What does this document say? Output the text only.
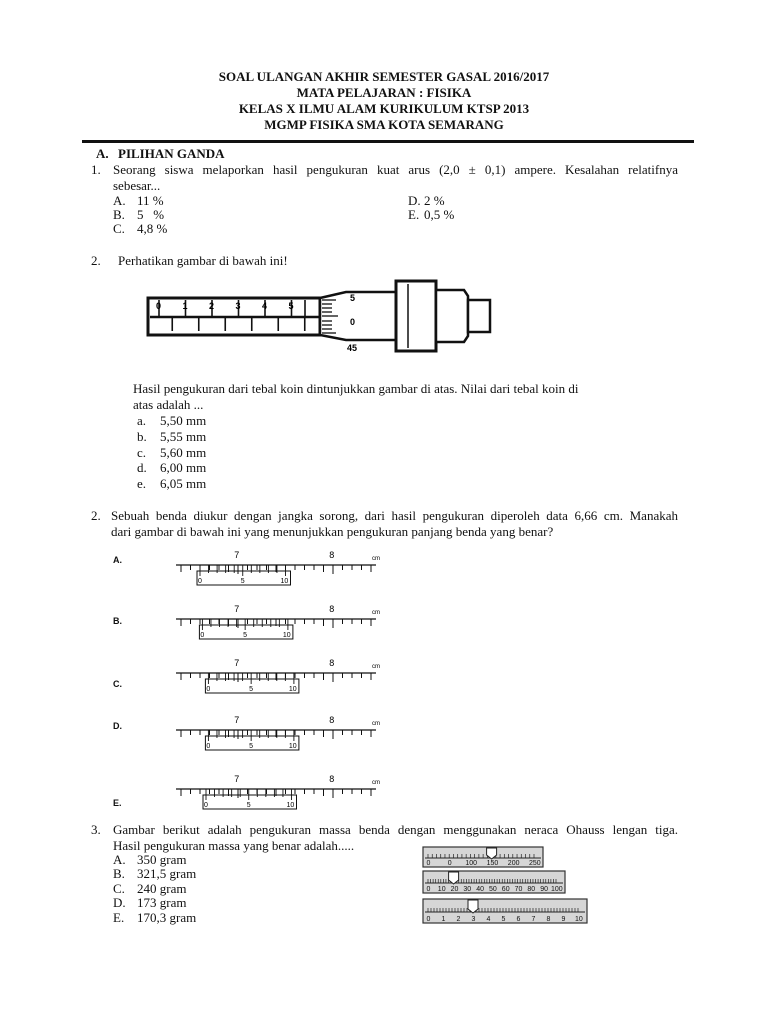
SOAL ULANGAN AKHIR SEMESTER GASAL 2016/2017
MATA PELAJARAN : FISIKA
KELAS X ILMU ALAM KURIKULUM KTSP 2013
MGMP FISIKA SMA KOTA SEMARANG
A. PILIHAN GANDA
1. Seorang siswa melaporkan hasil pengukuran kuat arus (2,0 ± 0,1) ampere. Kesalahan relatifnya
sebesar...
A. 11 %
B. 5   %
C. 4,8 %
D. 2 %
E. 0,5 %
2. Perhatikan gambar di bawah ini!
0 1 2 3 4 5
5
0
45
Hasil pengukuran dari tebal koin dintunjukkan gambar di atas. Nilai dari tebal koin di
atas adalah ...
a. 5,50 mm
b. 5,55 mm
c. 5,60 mm
d. 6,00 mm
e. 6,05 mm
2. Sebuah benda diukur dengan jangka sorong, dari hasil pengukuran diperoleh data 6,66 cm. Manakah
dari gambar di bawah ini yang menunjukkan pengukuran panjang benda yang benar?
A.
B.
C.
D.
E.
7	8	cm
0	5	10
7	8	cm
0	5	10
7	8	cm
0	5	10
7	8	cm
0	5	10
7	8	cm
0	5	10
3. Gambar berikut adalah pengukuran massa benda dengan menggunakan neraca Ohauss lengan tiga.
Hasil pengukuran massa yang benar adalah.....
A. 350 gram
B. 321,5 gram
C. 240 gram
D. 173 gram
E. 170,3 gram
0 0 100 150 200 250
0 10 20 30 40 50 60 70 80 90 100
0 1 2 3 4 5 6 7 8 9 10
